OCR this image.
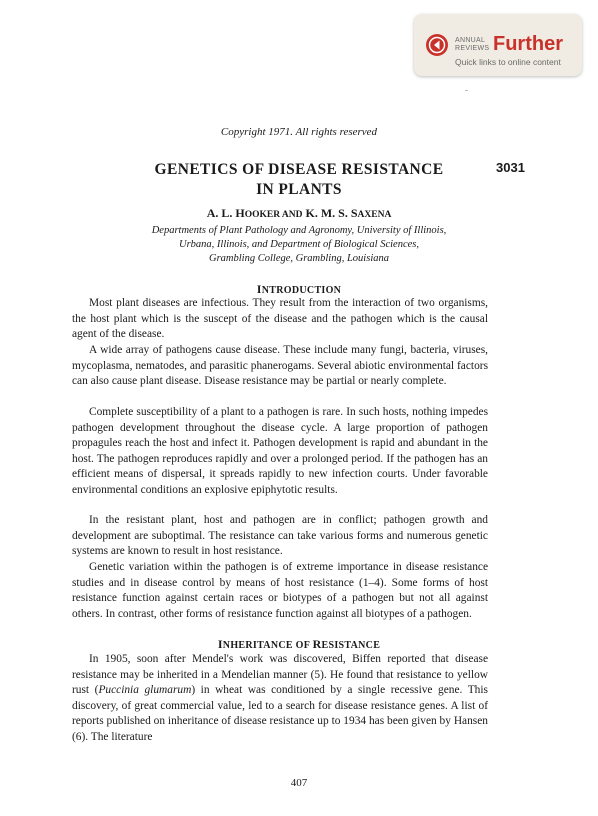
ANNUAL
REVIEWS Further
Quick links to online content
Copyright 1971. All rights reserved
GENETICS OF DISEASE RESISTANCE
IN PLANTS
3031
A. L. HOOKER AND K. M. S. SAXENA
Departments of Plant Pathology and Agronomy, University of Illinois,
Urbana, Illinois, and Department of Biological Sciences,
Grambling College, Grambling, Louisiana
INTRODUCTION

Most plant diseases are infectious. They result from the interaction of two organisms, the host plant which is the suscept of the disease and the pathogen which is the causal agent of the disease.

A wide array of pathogens cause disease. These include many fungi, bacteria, viruses, mycoplasma, nematodes, and parasitic phanerogams. Several abiotic environmental factors can also cause plant disease. Disease resistance may be partial or nearly complete.

Complete susceptibility of a plant to a pathogen is rare. In such hosts, nothing impedes pathogen development throughout the disease cycle. A large proportion of pathogen propagules reach the host and infect it. Pathogen development is rapid and abundant in the host. The pathogen reproduces rapidly and over a prolonged period. If the pathogen has an efficient means of dispersal, it spreads rapidly to new infection courts. Under favorable environmental conditions an explosive epiphytotic results.

In the resistant plant, host and pathogen are in conflict; pathogen growth and development are suboptimal. The resistance can take various forms and numerous genetic systems are known to result in host resistance.

Genetic variation within the pathogen is of extreme importance in disease resistance studies and in disease control by means of host resistance (1–4). Some forms of host resistance function against certain races or biotypes of a pathogen but not all against others. In contrast, other forms of resistance function against all biotypes of a pathogen.

INHERITANCE OF RESISTANCE

In 1905, soon after Mendel's work was discovered, Biffen reported that disease resistance may be inherited in a Mendelian manner (5). He found that resistance to yellow rust (Puccinia glumarum) in wheat was conditioned by a single recessive gene. This discovery, of great commercial value, led to a search for disease resistance genes. A list of reports published on inheritance of disease resistance up to 1934 has been given by Hansen (6). The literature

407
